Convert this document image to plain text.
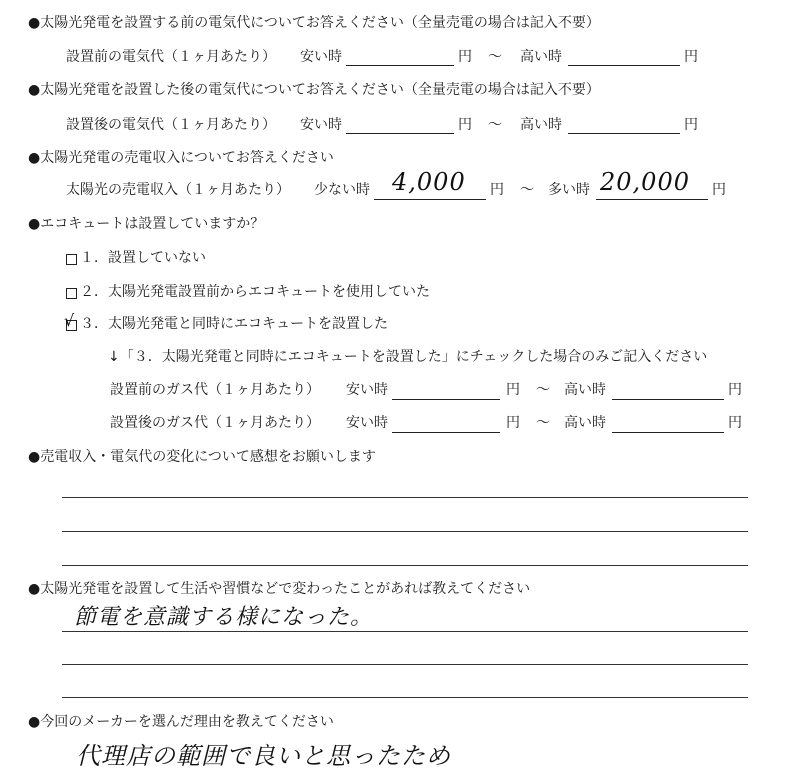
●太陽光発電を設置する前の電気代についてお答えください（全量売電の場合は記入不要）
設置前の電気代（１ヶ月あたり） 安い時	円 ～ 高い時	円
●太陽光発電を設置した後の電気代についてお答えください（全量売電の場合は記入不要）
設置後の電気代（１ヶ月あたり） 安い時	円 ～ 高い時	円
●太陽光発電の売電収入についてお答えください
太陽光の売電収入（１ヶ月あたり） 少ない時 4,000 円 ～ 多い時 20,000 円
●エコキュートは設置していますか？
１．設置していない
２．太陽光発電設置前からエコキュートを使用していた
√ ３．太陽光発電と同時にエコキュートを設置した
↓「３．太陽光発電と同時にエコキュートを設置した」にチェックした場合のみご記入ください
設置前のガス代（１ヶ月あたり） 安い時	円 ～ 高い時	円
設置後のガス代（１ヶ月あたり） 安い時	円 ～ 高い時	円
●売電収入・電気代の変化について感想をお願いします
●太陽光発電を設置して生活や習慣などで変わったことがあれば教えてください
節電を意識する様になった。
●今回のメーカーを選んだ理由を教えてください
代理店の範囲で良いと思ったため
